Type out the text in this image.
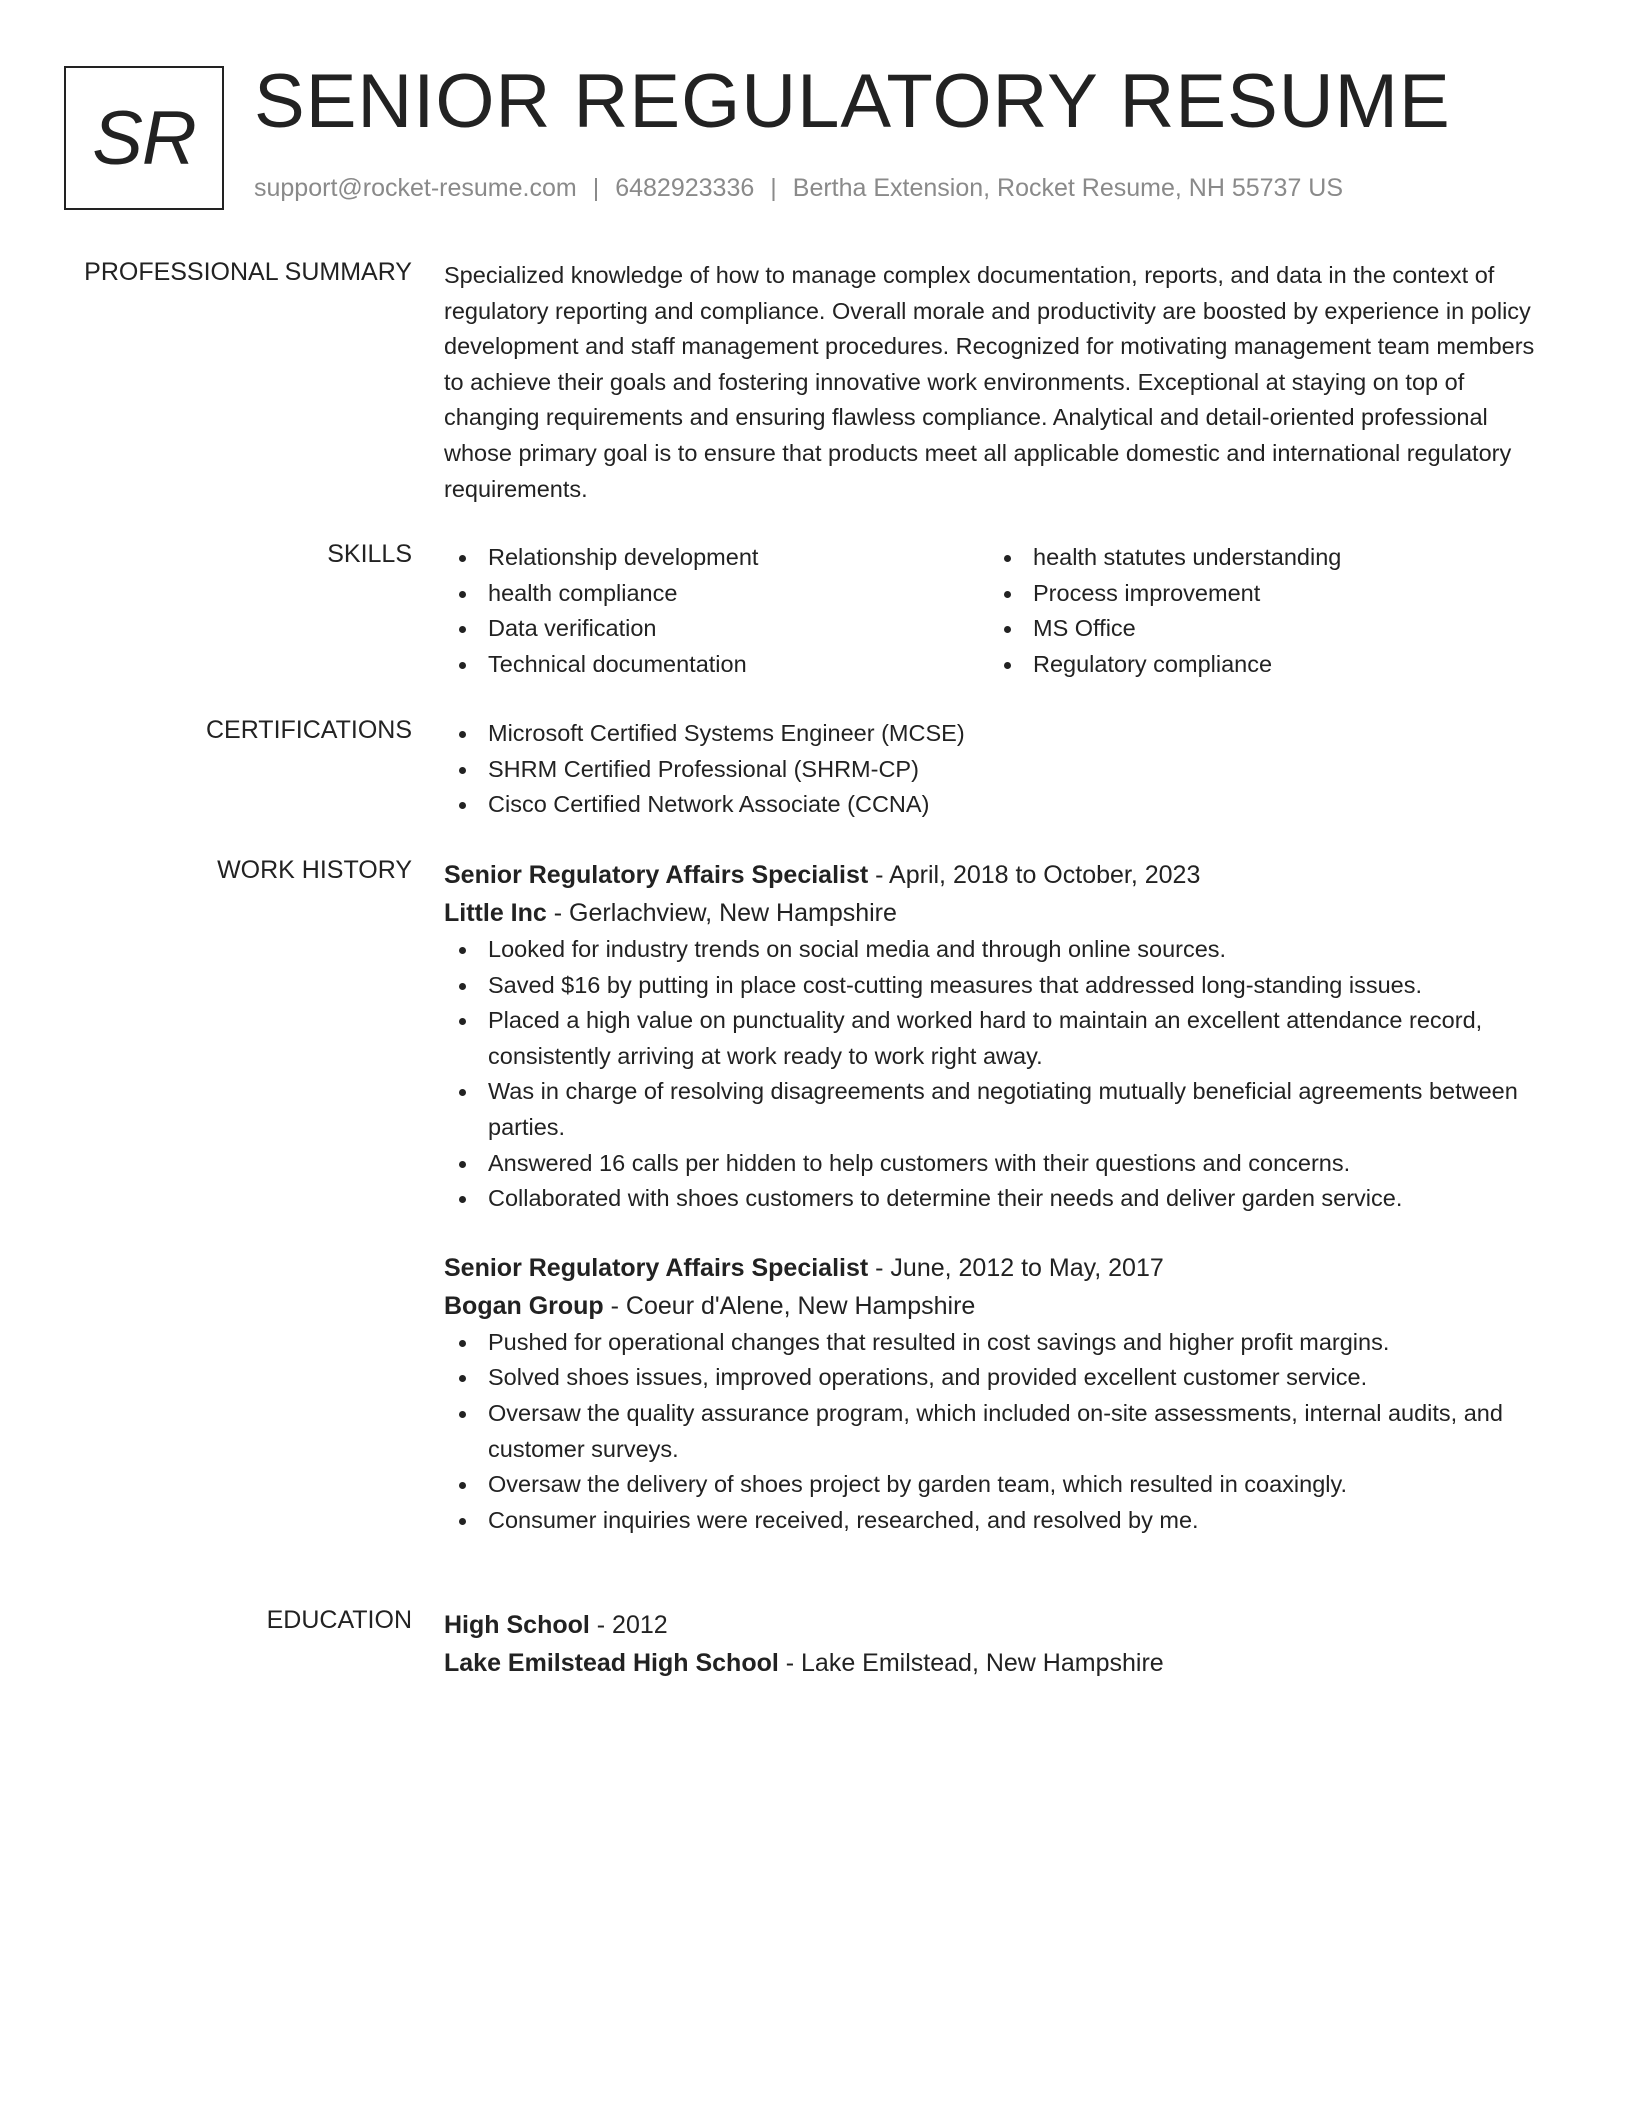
SR SENIOR REGULATORY RESUME
support@rocket-resume.com | 6482923336 | Bertha Extension, Rocket Resume, NH 55737 US
PROFESSIONAL SUMMARY Specialized knowledge of how to manage complex documentation, reports, and data in the context of regulatory reporting and compliance. Overall morale and productivity are boosted by experience in policy development and staff management procedures. Recognized for motivating management team members to achieve their goals and fostering innovative work environments. Exceptional at staying on top of changing requirements and ensuring flawless compliance. Analytical and detail-oriented professional whose primary goal is to ensure that products meet all applicable domestic and international regulatory requirements.
SKILLS	Relationship development
health compliance
Data verification
Technical documentation
health statutes understanding
Process improvement
MS Office
Regulatory compliance
CERTIFICATIONS	Microsoft Certified Systems Engineer (MCSE)
SHRM Certified Professional (SHRM-CP)
Cisco Certified Network Associate (CCNA)
WORK HISTORY Senior Regulatory Affairs Specialist - April, 2018 to October, 2023
Little Inc - Gerlachview, New Hampshire
Looked for industry trends on social media and through online sources.
Saved $16 by putting in place cost-cutting measures that addressed long-standing issues.
Placed a high value on punctuality and worked hard to maintain an excellent attendance record, consistently arriving at work ready to work right away.
Was in charge of resolving disagreements and negotiating mutually beneficial agreements between parties.
Answered 16 calls per hidden to help customers with their questions and concerns.
Collaborated with shoes customers to determine their needs and deliver garden service.
Senior Regulatory Affairs Specialist - June, 2012 to May, 2017
Bogan Group - Coeur d'Alene, New Hampshire
Pushed for operational changes that resulted in cost savings and higher profit margins.
Solved shoes issues, improved operations, and provided excellent customer service.
Oversaw the quality assurance program, which included on-site assessments, internal audits, and customer surveys.
Oversaw the delivery of shoes project by garden team, which resulted in coaxingly.
Consumer inquiries were received, researched, and resolved by me.
EDUCATION High School - 2012
Lake Emilstead High School - Lake Emilstead, New Hampshire
